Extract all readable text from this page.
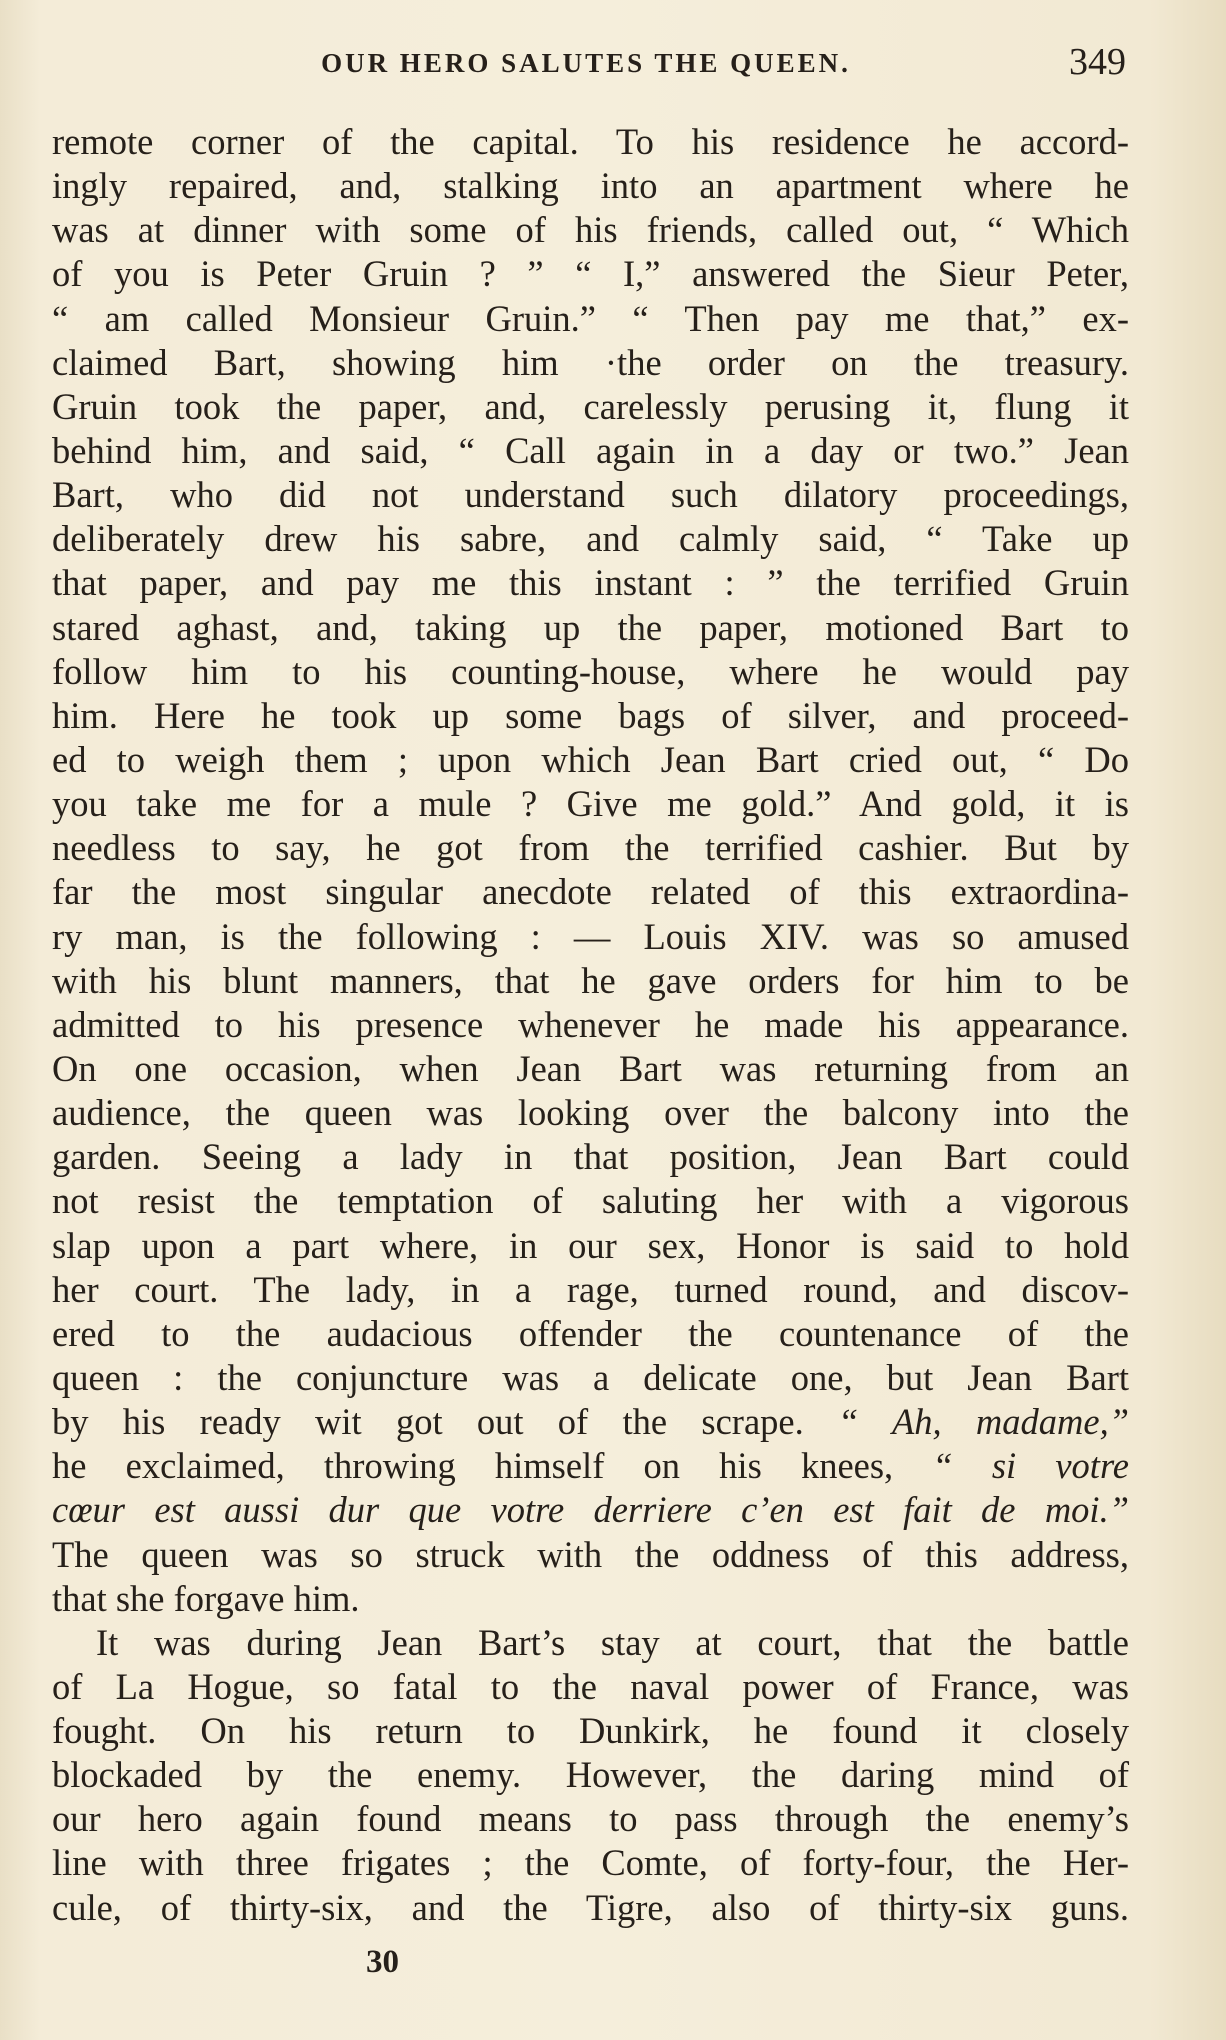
OUR HERO SALUTES THE QUEEN.	349

remote corner of the capital. To his residence he accord-
ingly repaired, and, stalking into an apartment where he
was at dinner with some of his friends, called out, “ Which
of you is Peter Gruin ? ” “ I,” answered the Sieur Peter,
“ am called Monsieur Gruin.” “ Then pay me that,” ex-
claimed Bart, showing him ·the order on the treasury.
Gruin took the paper, and, carelessly perusing it, flung it
behind him, and said, “ Call again in a day or two.” Jean
Bart, who did not understand such dilatory proceedings,
deliberately drew his sabre, and calmly said, “ Take up
that paper, and pay me this instant : ” the terrified Gruin
stared aghast, and, taking up the paper, motioned Bart to
follow him to his counting-house, where he would pay
him. Here he took up some bags of silver, and proceed-
ed to weigh them ; upon which Jean Bart cried out, “ Do
you take me for a mule ? Give me gold.” And gold, it is
needless to say, he got from the terrified cashier. But by
far the most singular anecdote related of this extraordina-
ry man, is the following : — Louis XIV. was so amused
with his blunt manners, that he gave orders for him to be
admitted to his presence whenever he made his appearance.
On one occasion, when Jean Bart was returning from an
audience, the queen was looking over the balcony into the
garden. Seeing a lady in that position, Jean Bart could
not resist the temptation of saluting her with a vigorous
slap upon a part where, in our sex, Honor is said to hold
her court. The lady, in a rage, turned round, and discov-
ered to the audacious offender the countenance of the
queen : the conjuncture was a delicate one, but Jean Bart
by his ready wit got out of the scrape. “ Ah, madame,”
he exclaimed, throwing himself on his knees, “ si votre
cœur est aussi dur que votre derriere c’en est fait de moi.”
The queen was so struck with the oddness of this address,
that she forgave him.

It was during Jean Bart’s stay at court, that the battle
of La Hogue, so fatal to the naval power of France, was
fought. On his return to Dunkirk, he found it closely
blockaded by the enemy. However, the daring mind of
our hero again found means to pass through the enemy’s
line with three frigates ; the Comte, of forty-four, the Her-
cule, of thirty-six, and the Tigre, also of thirty-six guns.

30
